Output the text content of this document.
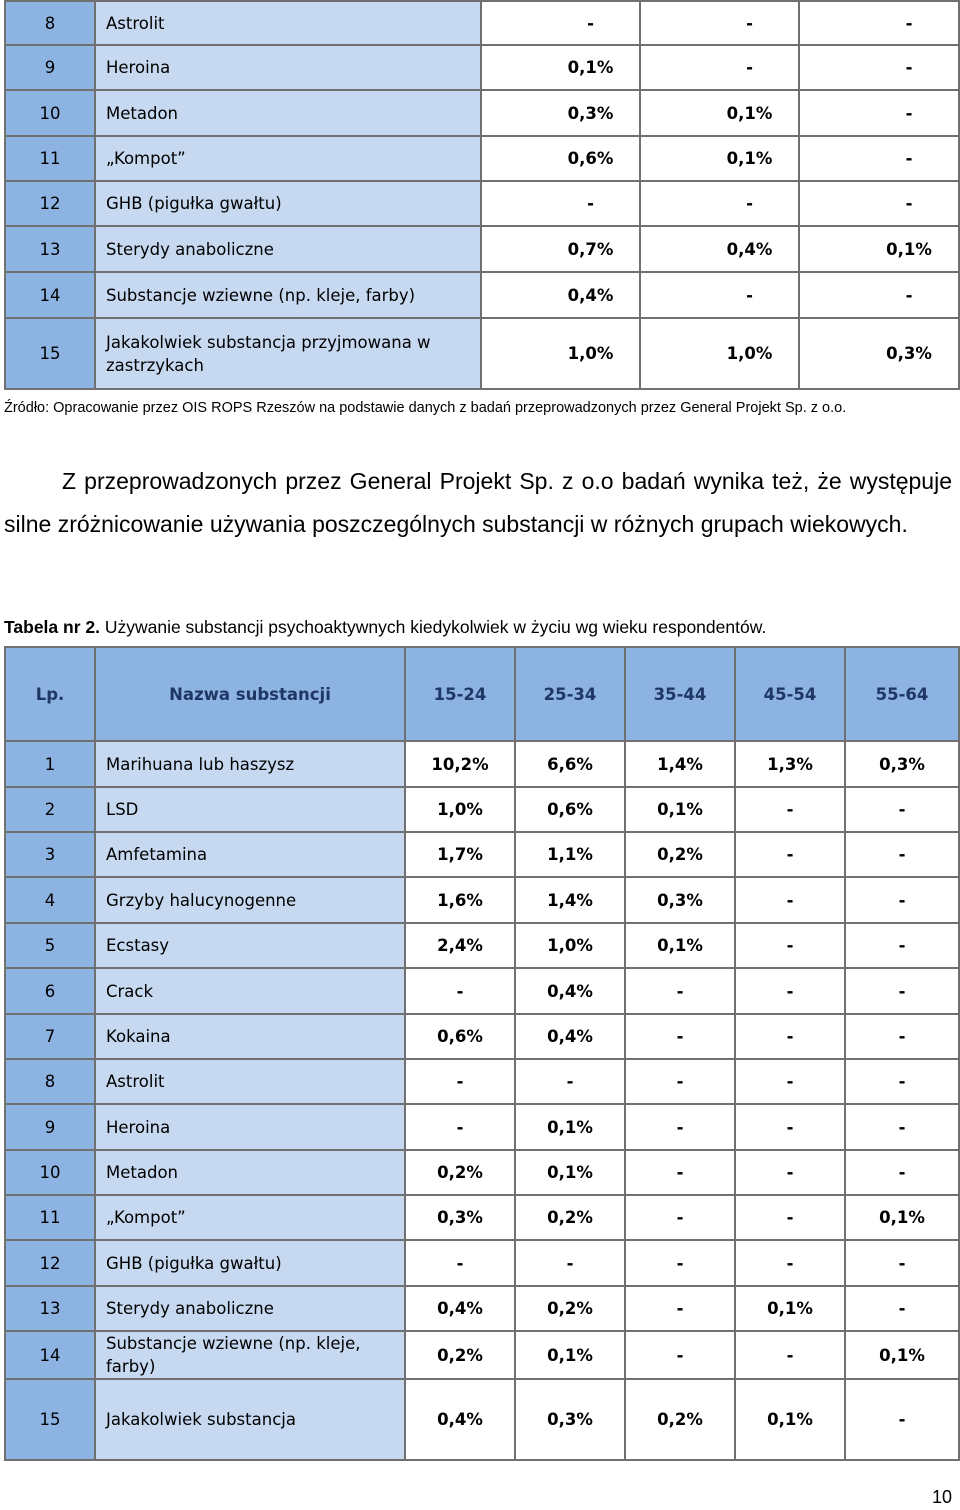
8	Astrolit	-	-	-
9	Heroina	0,1%	-	-
10	Metadon	0,3%	0,1%	-
11	„Kompot”	0,6%	0,1%	-
12	GHB (pigułka gwałtu)	-	-	-
13	Sterydy anaboliczne	0,7%	0,4%	0,1%
14	Substancje wziewne (np. kleje, farby)	0,4%	-	-
15	Jakakolwiek substancja przyjmowana w zastrzykach	1,0%	1,0%	0,3%
Źródło: Opracowanie przez OIS ROPS Rzeszów na podstawie danych z badań przeprowadzonych przez General Projekt Sp. z o.o.
Z przeprowadzonych przez General Projekt Sp. z o.o badań wynika też, że występuje silne zróżnicowanie używania poszczególnych substancji w różnych grupach wiekowych.
Tabela nr 2. Używanie substancji psychoaktywnych kiedykolwiek w życiu wg wieku respondentów.
Lp.	Nazwa substancji	15-24	25-34	35-44	45-54	55-64
1	Marihuana lub haszysz	10,2%	6,6%	1,4%	1,3%	0,3%
2	LSD	1,0%	0,6%	0,1%	-	-
3	Amfetamina	1,7%	1,1%	0,2%	-	-
4	Grzyby halucynogenne	1,6%	1,4%	0,3%	-	-
5	Ecstasy	2,4%	1,0%	0,1%	-	-
6	Crack	-	0,4%	-	-	-
7	Kokaina	0,6%	0,4%	-	-	-
8	Astrolit	-	-	-	-	-
9	Heroina	-	0,1%	-	-	-
10	Metadon	0,2%	0,1%	-	-	-
11	„Kompot”	0,3%	0,2%	-	-	0,1%
12	GHB (pigułka gwałtu)	-	-	-	-	-
13	Sterydy anaboliczne	0,4%	0,2%	-	0,1%	-
14	Substancje wziewne (np. kleje, farby)	0,2%	0,1%	-	-	0,1%
15	Jakakolwiek substancja	0,4%	0,3%	0,2%	0,1%	-
10
